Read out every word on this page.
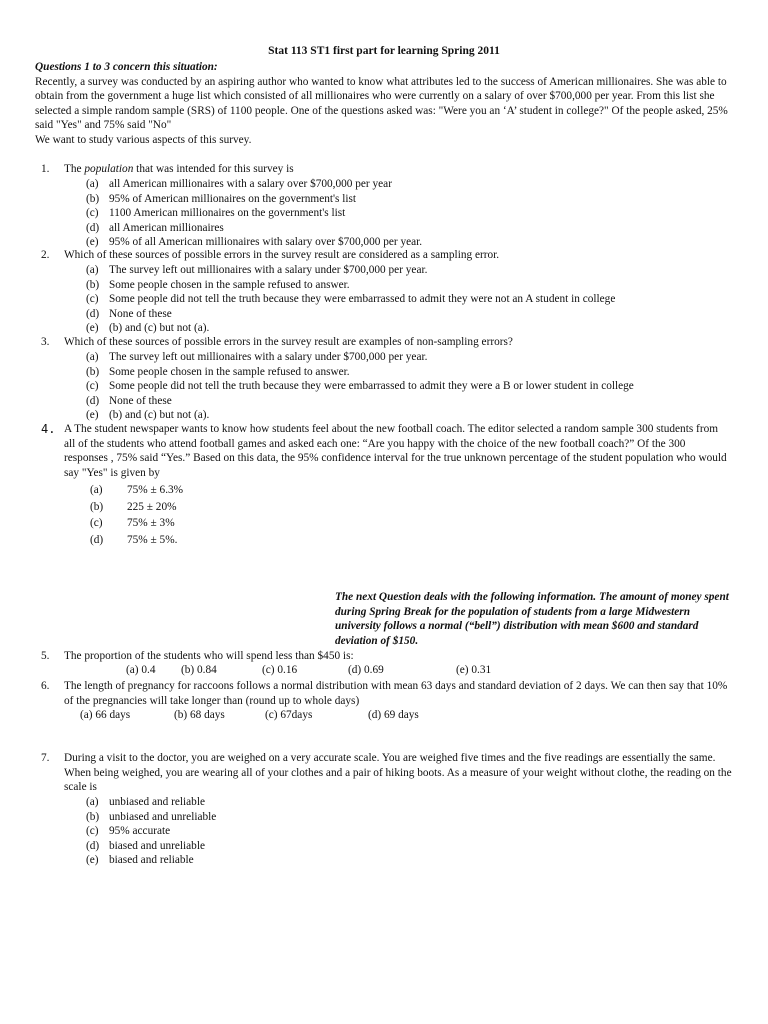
Stat 113 ST1 first part for learning Spring 2011
Questions 1 to 3 concern this situation:
Recently, a survey was conducted by an aspiring author who wanted to know what attributes led to the success of American millionaires. She was able to obtain from the government a huge list which consisted of all millionaires who were currently on a salary of over $700,000 per year. From this list she selected a simple random sample (SRS) of 1100 people. One of the questions asked was: "Were you an ‘A’ student in college?" Of the people asked, 25% said "Yes" and 75% said "No"
We want to study various aspects of this survey.
1. The population that was intended for this survey is
(a) all American millionaires with a salary over $700,000 per year
(b) 95% of American millionaires on the government's list
(c) 1100 American millionaires on the government's list
(d) all American millionaires
(e) 95% of all American millionaires with salary over $700,000 per year.
2. Which of these sources of possible errors in the survey result are considered as a sampling error.
(a) The survey left out millionaires with a salary under $700,000 per year.
(b) Some people chosen in the sample refused to answer.
(c) Some people did not tell the truth because they were embarrassed to admit they were not an A student in college
(d) None of these
(e) (b) and (c) but not (a).
3. Which of these sources of possible errors in the survey result are examples of non-sampling errors?
(a) The survey left out millionaires with a salary under $700,000 per year.
(b) Some people chosen in the sample refused to answer.
(c) Some people did not tell the truth because they were embarrassed to admit they were a B or lower student in college
(d) None of these
(e) (b) and (c) but not (a).
4. A The student newspaper wants to know how students feel about the new football coach. The editor selected a random sample 300 students from all of the students who attend football games and asked each one: “Are you happy with the choice of the new football coach?” Of the 300 responses , 75% said “Yes.” Based on this data, the 95% confidence interval for the true unknown percentage of the student population who would say "Yes" is given by
(a) 75% ± 6.3%
(b) 225 ± 20%
(c) 75% ± 3%
(d) 75% ± 5%.
The next Question deals with the following information. The amount of money spent during Spring Break for the population of students from a large Midwestern university follows a normal (“bell”) distribution with mean $600 and standard deviation of $150.
5. The proportion of the students who will spend less than $450 is:
(a) 0.4 (b) 0.84	(c) 0.16	(d) 0.69	(e) 0.31
6. The length of pregnancy for raccoons follows a normal distribution with mean 63 days and standard deviation of 2 days. We can then say that 10% of the pregnancies will take longer than (round up to whole days)
(a) 66 days	(b) 68 days	(c) 67days	(d) 69 days
7. During a visit to the doctor, you are weighed on a very accurate scale. You are weighed five times and the five readings are essentially the same. When being weighed, you are wearing all of your clothes and a pair of hiking boots. As a measure of your weight without clothe, the reading on the scale is
(a) unbiased and reliable
(b) unbiased and unreliable
(c) 95% accurate
(d) biased and unreliable
(e) biased and reliable
